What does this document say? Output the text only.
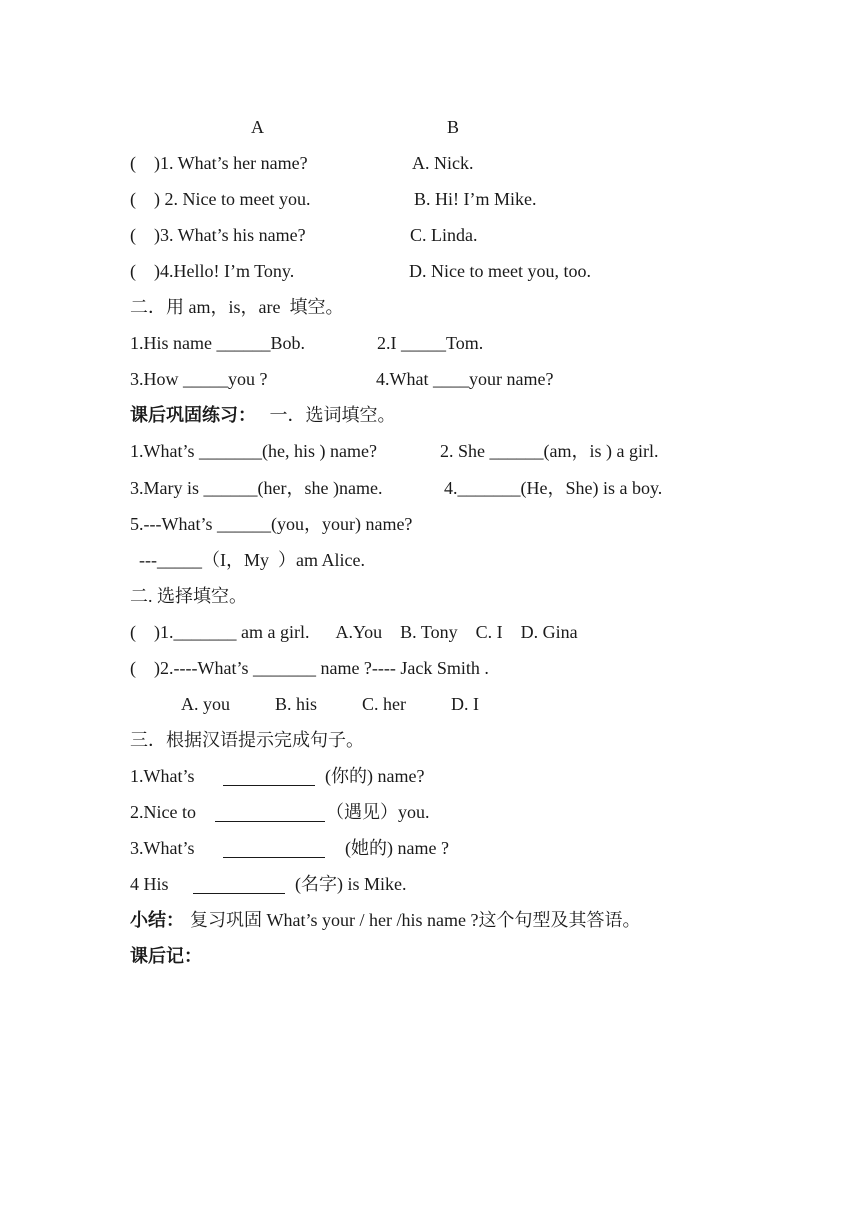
A	B
(    )1. What’s her name?	A. Nick.
(    ) 2. Nice to meet you.	B. Hi! I’m Mike.
(    )3. What’s his name?	C. Linda.
(    )4.Hello! I’m Tony.	D. Nice to meet you, too.
二．用 am，is，are  填空。
1.His name ______Bob.	2.I _____Tom.
3.How _____you ?	4.What ____your name?
课后巩固练习： 一．选词填空。
1.What’s _______(he, his ) name?	2. She ______(am，is ) a girl.
3.Mary is ______(her，she )name.	4._______(He，She) is a boy.
5.---What’s ______(you，your) name?
---_____（I，My  ）am Alice.
二. 选择填空。
(    )1._______ am a girl.      A.You    B. Tony    C. I    D. Gina
(    )2.----What’s _______ name ?---- Jack Smith .
A. you          B. his          C. her          D. I
三．根据汉语提示完成句子。
1.What’s	(你的) name?
2.Nice to	（遇见）you.
3.What’s	(她的) name ?
4 His	(名字) is Mike.
小结： 复习巩固 What’s your / her /his name ?这个句型及其答语。
课后记：
